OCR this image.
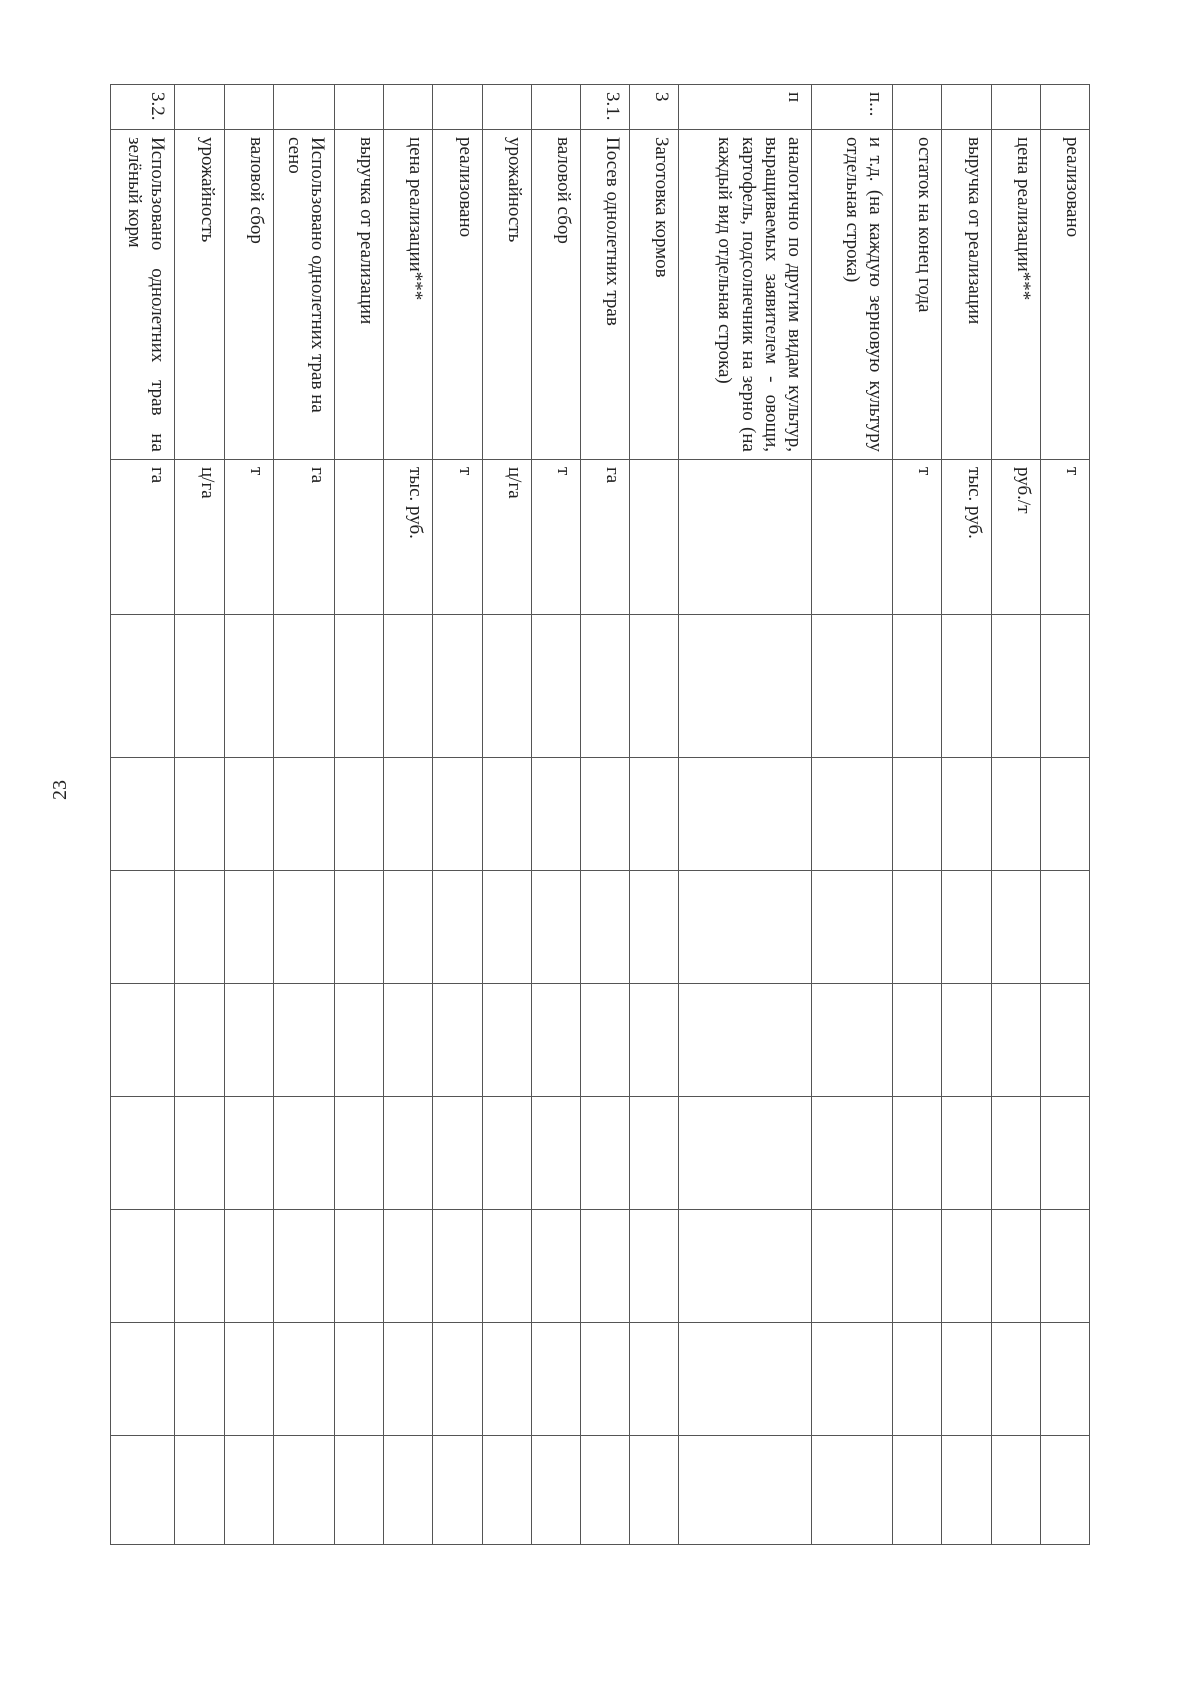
23
	реализовано	т								
	цена реализации***	руб./т								
	выручка от реализации	тыс. руб.								
	остаток на конец года	т								
п...	и т.д. (на каждую зерновую культуру отдельная строка)									
п	аналогично по другим видам культур, выращиваемых заявителем - овощи, картофель, подсолнечник на зерно (на каждый вид отдельная строка)									
3	Заготовка кормов									
3.1.	Посев однолетних трав	га								
	валовой сбор	т								
	урожайность	ц/га								
	реализовано	т								
	цена реализации***	тыс. руб.								
	выручка от реализации									
	Использовано однолетних трав на сено	га								
	валовой сбор	т								
	урожайность	ц/га								
3.2.	Использовано однолетних трав на зелёный корм	га								
